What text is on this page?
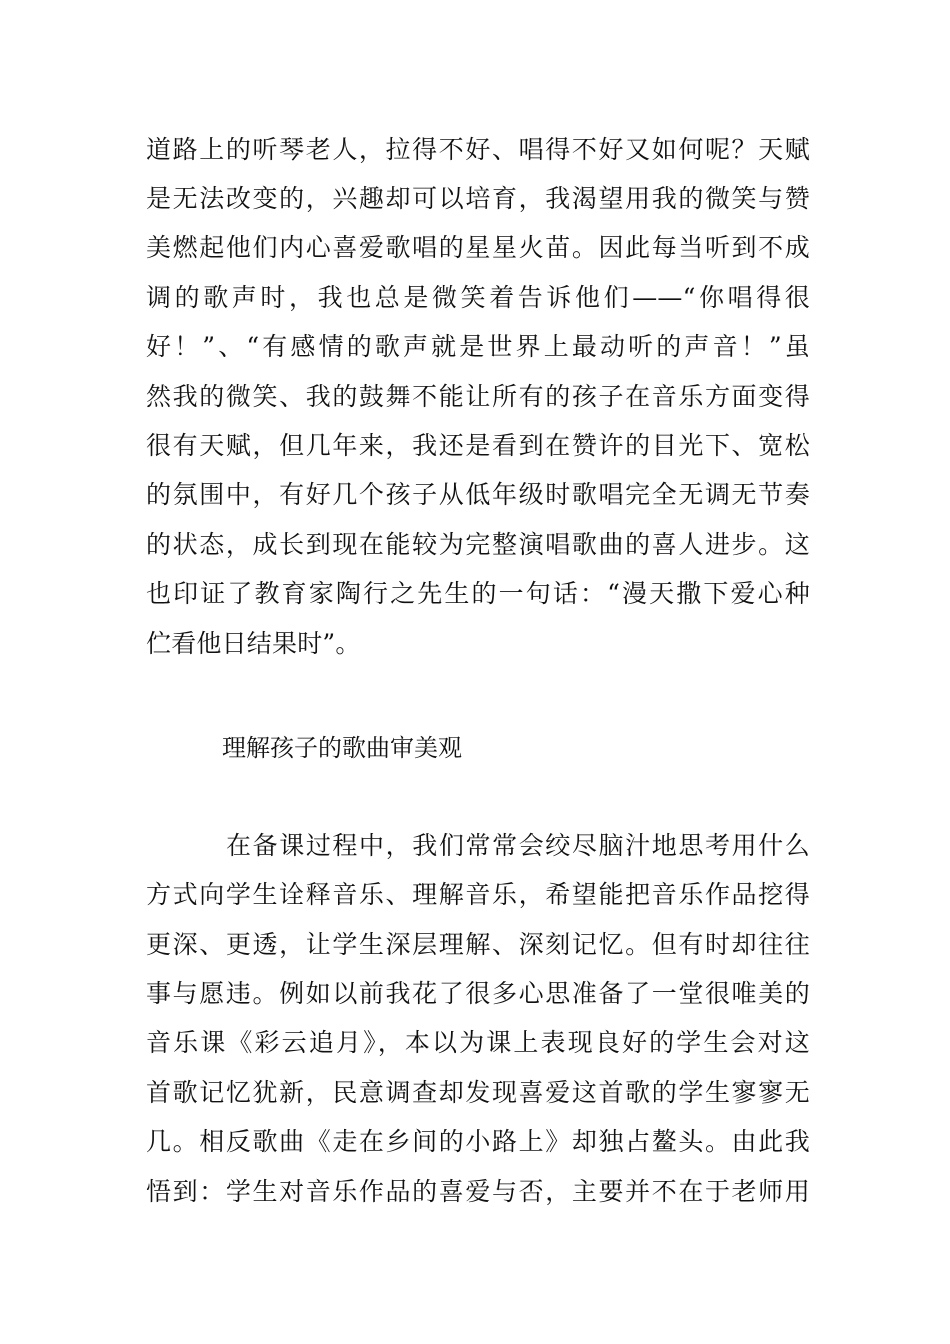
道路上的听琴老人，拉得不好、唱得不好又如何呢？天赋
是无法改变的，兴趣却可以培育，我渴望用我的微笑与赞
美燃起他们内心喜爱歌唱的星星火苗。因此每当听到不成
调的歌声时，我也总是微笑着告诉他们——“你唱得很
好！”、“有感情的歌声就是世界上最动听的声音！”虽
然我的微笑、我的鼓舞不能让所有的孩子在音乐方面变得
很有天赋，但几年来，我还是看到在赞许的目光下、宽松
的氛围中，有好几个孩子从低年级时歌唱完全无调无节奏
的状态，成长到现在能较为完整演唱歌曲的喜人进步。这
也印证了教育家陶行之先生的一句话：“漫天撒下爱心种
伫看他日结果时”。
理解孩子的歌曲审美观
在备课过程中，我们常常会绞尽脑汁地思考用什么
方式向学生诠释音乐、理解音乐，希望能把音乐作品挖得
更深、更透，让学生深层理解、深刻记忆。但有时却往往
事与愿违。例如以前我花了很多心思准备了一堂很唯美的
音乐课《彩云追月》，本以为课上表现良好的学生会对这
首歌记忆犹新，民意调查却发现喜爱这首歌的学生寥寥无
几。相反歌曲《走在乡间的小路上》却独占鳌头。由此我
悟到：学生对音乐作品的喜爱与否，主要并不在于老师用
